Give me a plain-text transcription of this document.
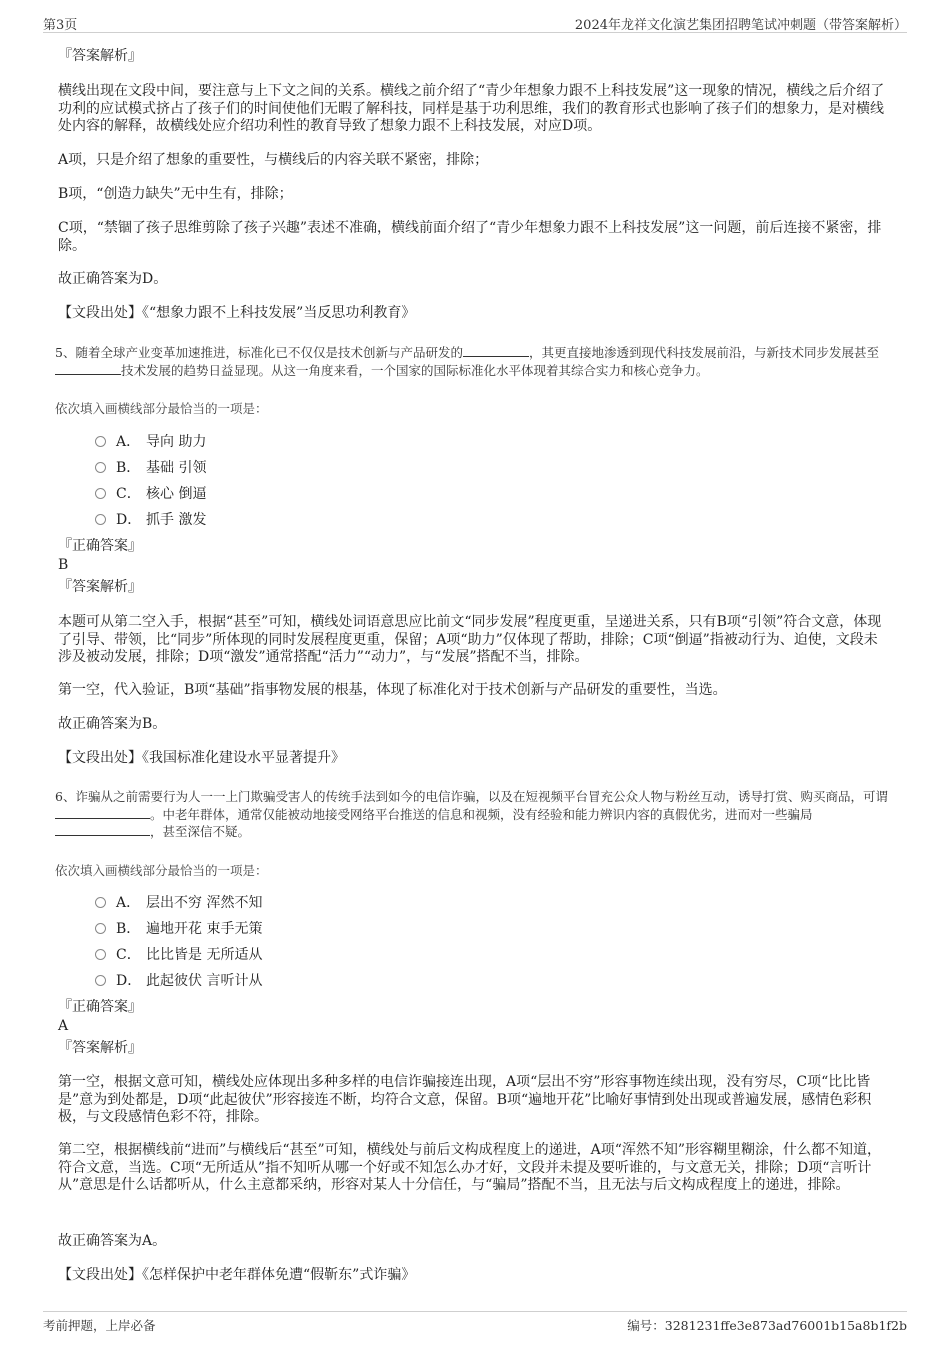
第3页	2024年龙祥文化演艺集团招聘笔试冲刺题（带答案解析）
『答案解析』

横线出现在文段中间，要注意与上下文之间的关系。横线之前介绍了“青少年想象力跟不上科技发展”这一现象的情况，横线之后介绍了功利的应试模式挤占了孩子们的时间使他们无暇了解科技，同样是基于功利思维，我们的教育形式也影响了孩子们的想象力，是对横线处内容的解释，故横线处应介绍功利性的教育导致了想象力跟不上科技发展，对应D项。

A项，只是介绍了想象的重要性，与横线后的内容关联不紧密，排除；

B项，“创造力缺失”无中生有，排除；

C项，“禁锢了孩子思维剪除了孩子兴趣”表述不准确，横线前面介绍了“青少年想象力跟不上科技发展”这一问题，前后连接不紧密，排除。

故正确答案为D。

【文段出处】《“想象力跟不上科技发展”当反思功利教育》

5、随着全球产业变革加速推进，标准化已不仅仅是技术创新与产品研发的	，其更直接地渗透到现代科技发展前沿，与新技术同步发展甚至技术发展的趋势日益显现。从这一角度来看，一个国家的国际标准化水平体现着其综合实力和核心竞争力。

依次填入画横线部分最恰当的一项是：
A． 导向 助力
B． 基础 引领
C． 核心 倒逼
D． 抓手 激发
『正确答案』
B
『答案解析』

本题可从第二空入手，根据“甚至”可知，横线处词语意思应比前文“同步发展”程度更重，呈递进关系，只有B项“引领”符合文意，体现了引导、带领，比“同步”所体现的同时发展程度更重，保留；A项“助力”仅体现了帮助，排除；C项“倒逼”指被动行为、迫使，文段未涉及被动发展，排除；D项“激发”通常搭配“活力”“动力”，与“发展”搭配不当，排除。

第一空，代入验证，B项“基础”指事物发展的根基，体现了标准化对于技术创新与产品研发的重要性，当选。

故正确答案为B。

【文段出处】《我国标准化建设水平显著提升》

6、诈骗从之前需要行为人一一上门欺骗受害人的传统手法到如今的电信诈骗，以及在短视频平台冒充公众人物与粉丝互动，诱导打赏、购买商品，可谓。中老年群体，通常仅能被动地接受网络平台推送的信息和视频，没有经验和能力辨识内容的真假优劣，进而对一些骗局，甚至深信不疑。

依次填入画横线部分最恰当的一项是：
A． 层出不穷 浑然不知
B． 遍地开花 束手无策
C． 比比皆是 无所适从
D． 此起彼伏 言听计从
『正确答案』
A
『答案解析』

第一空，根据文意可知，横线处应体现出多种多样的电信诈骗接连出现，A项“层出不穷”形容事物连续出现，没有穷尽，C项“比比皆是”意为到处都是，D项“此起彼伏”形容接连不断，均符合文意，保留。B项“遍地开花”比喻好事情到处出现或普遍发展，感情色彩积极，与文段感情色彩不符，排除。

第二空，根据横线前“进而”与横线后“甚至”可知，横线处与前后文构成程度上的递进，A项“浑然不知”形容糊里糊涂，什么都不知道，符合文意，当选。C项“无所适从”指不知听从哪一个好或不知怎么办才好，文段并未提及要听谁的，与文意无关，排除；D项“言听计从”意思是什么话都听从，什么主意都采纳，形容对某人十分信任，与“骗局”搭配不当，且无法与后文构成程度上的递进，排除。

故正确答案为A。

【文段出处】《怎样保护中老年群体免遭“假靳东”式诈骗》

考前押题，上岸必备	编号：3281231ffe3e873ad76001b15a8b1f2b
